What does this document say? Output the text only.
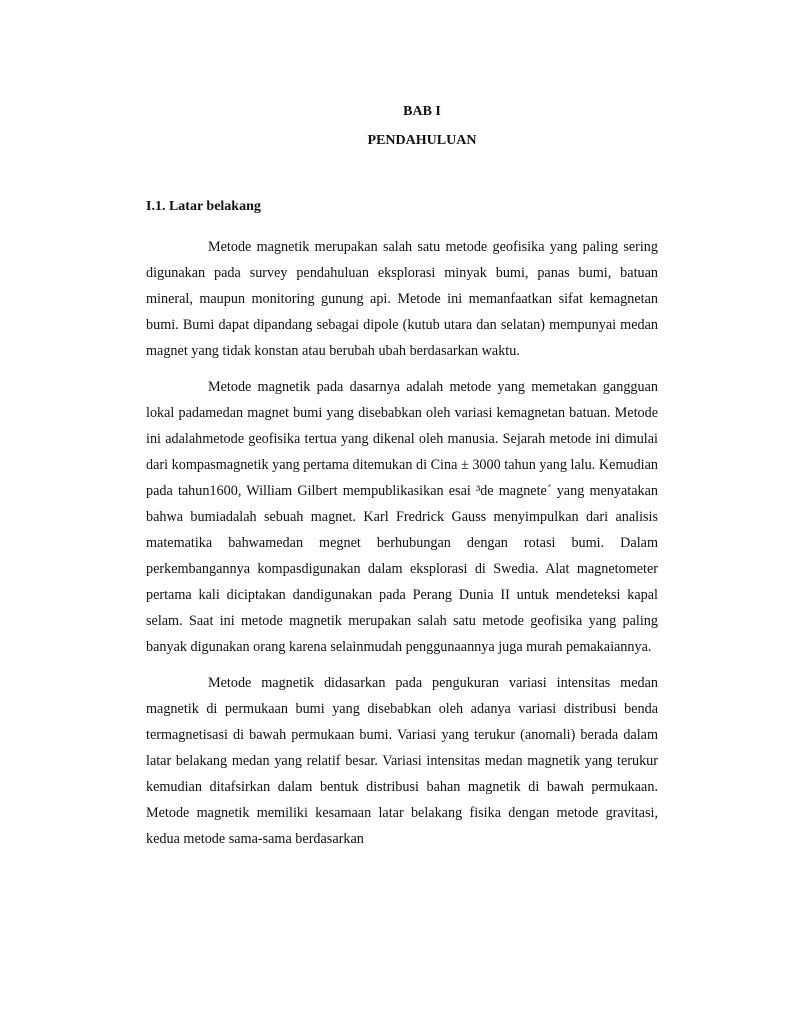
BAB I
PENDAHULUAN
I.1. Latar belakang

Metode magnetik merupakan salah satu metode geofisika yang paling sering digunakan pada survey pendahuluan eksplorasi minyak bumi, panas bumi, batuan mineral, maupun monitoring gunung api. Metode ini memanfaatkan sifat kemagnetan bumi. Bumi dapat dipandang sebagai dipole (kutub utara dan selatan) mempunyai medan magnet yang tidak konstan atau berubah ubah berdasarkan waktu.

Metode magnetik pada dasarnya adalah metode yang memetakan gangguan lokal padamedan magnet bumi yang disebabkan oleh variasi kemagnetan batuan. Metode ini adalahmetode geofisika tertua yang dikenal oleh manusia. Sejarah metode ini dimulai dari kompasmagnetik yang pertama ditemukan di Cina ± 3000 tahun yang lalu. Kemudian pada tahun1600, William Gilbert mempublikasikan esai ³de magnete´ yang menyatakan bahwa bumiadalah sebuah magnet. Karl Fredrick Gauss menyimpulkan dari analisis matematika bahwamedan megnet berhubungan dengan rotasi bumi. Dalam perkembangannya kompasdigunakan dalam eksplorasi di Swedia. Alat magnetometer pertama kali diciptakan dandigunakan pada Perang Dunia II untuk mendeteksi kapal selam. Saat ini metode magnetik merupakan salah satu metode geofisika yang paling banyak digunakan orang karena selainmudah penggunaannya juga murah pemakaiannya.

Metode magnetik didasarkan pada pengukuran variasi intensitas medan magnetik di permukaan bumi yang disebabkan oleh adanya variasi distribusi benda termagnetisasi di bawah permukaan bumi. Variasi yang terukur (anomali) berada dalam latar belakang medan yang relatif besar. Variasi intensitas medan magnetik yang terukur kemudian ditafsirkan dalam bentuk distribusi bahan magnetik di bawah permukaan. Metode magnetik memiliki kesamaan latar belakang fisika dengan metode gravitasi, kedua metode sama-sama berdasarkan
